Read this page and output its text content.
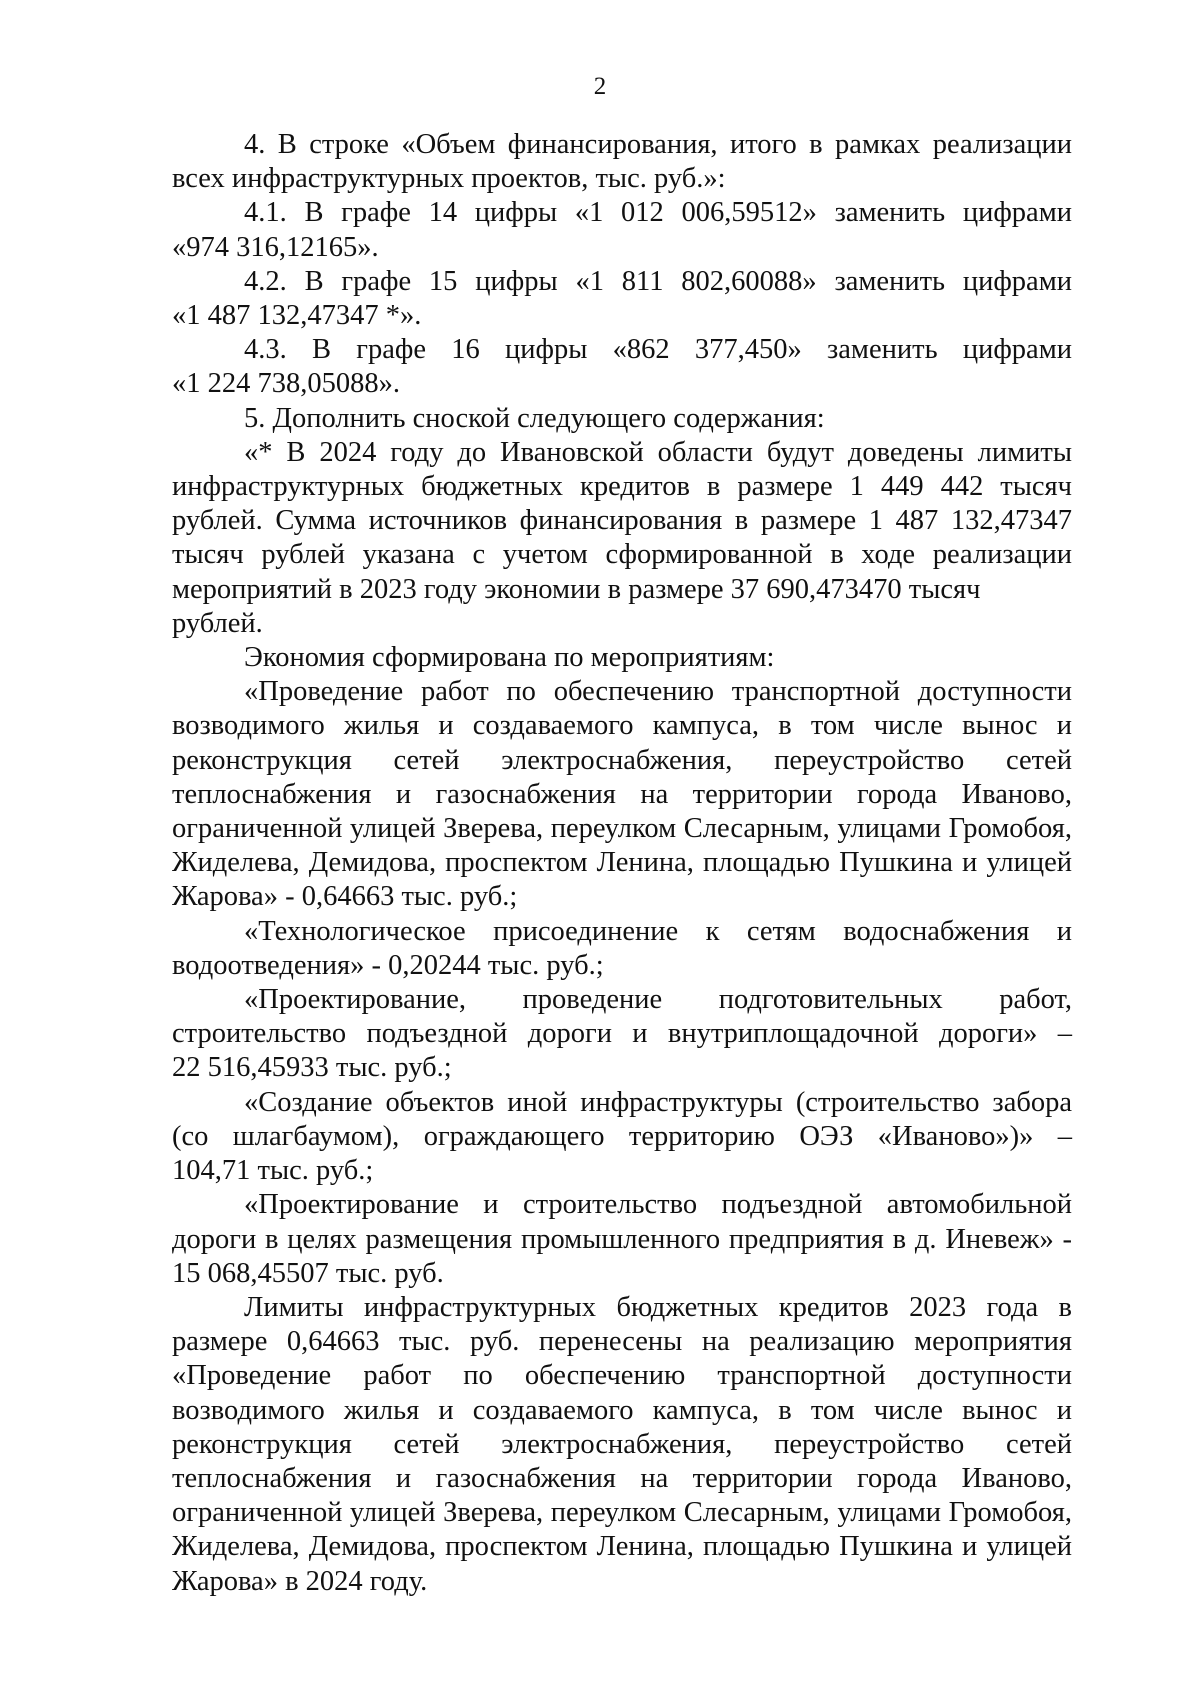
2
4. В строке «Объем финансирования, итого в рамках реализации
всех инфраструктурных проектов, тыс. руб.»:
4.1. В графе 14 цифры «1 012 006,59512» заменить цифрами
«974 316,12165».
4.2. В графе 15 цифры «1 811 802,60088» заменить цифрами
«1 487 132,47347 *».
4.3. В графе 16 цифры «862 377,450» заменить цифрами
«1 224 738,05088».
5. Дополнить сноской следующего содержания:
«* В 2024 году до Ивановской области будут доведены лимиты
инфраструктурных бюджетных кредитов в размере 1 449 442 тысяч
рублей. Сумма источников финансирования в размере 1 487 132,47347
тысяч рублей указана с учетом сформированной в ходе реализации
мероприятий в 2023 году экономии в размере 37 690,473470 тысяч рублей.
Экономия сформирована по мероприятиям:
«Проведение работ по обеспечению транспортной доступности
возводимого жилья и создаваемого кампуса, в том числе вынос и
реконструкция сетей электроснабжения, переустройство сетей
теплоснабжения и газоснабжения на территории города Иваново,
ограниченной улицей Зверева, переулком Слесарным, улицами Громобоя,
Жиделева, Демидова, проспектом Ленина, площадью Пушкина и улицей
Жарова» - 0,64663 тыс. руб.;
«Технологическое присоединение к сетям водоснабжения и
водоотведения» - 0,20244 тыс. руб.;
«Проектирование, проведение подготовительных работ,
строительство подъездной дороги и внутриплощадочной дороги» –
22 516,45933 тыс. руб.;
«Создание объектов иной инфраструктуры (строительство забора
(со шлагбаумом), ограждающего территорию ОЭЗ «Иваново»)» –
104,71 тыс. руб.;
«Проектирование и строительство подъездной автомобильной
дороги в целях размещения промышленного предприятия в д. Иневеж» -
15 068,45507 тыс. руб.
Лимиты инфраструктурных бюджетных кредитов 2023 года в
размере 0,64663 тыс. руб. перенесены на реализацию мероприятия
«Проведение работ по обеспечению транспортной доступности
возводимого жилья и создаваемого кампуса, в том числе вынос и
реконструкция сетей электроснабжения, переустройство сетей
теплоснабжения и газоснабжения на территории города Иваново,
ограниченной улицей Зверева, переулком Слесарным, улицами Громобоя,
Жиделева, Демидова, проспектом Ленина, площадью Пушкина и улицей
Жарова» в 2024 году.
